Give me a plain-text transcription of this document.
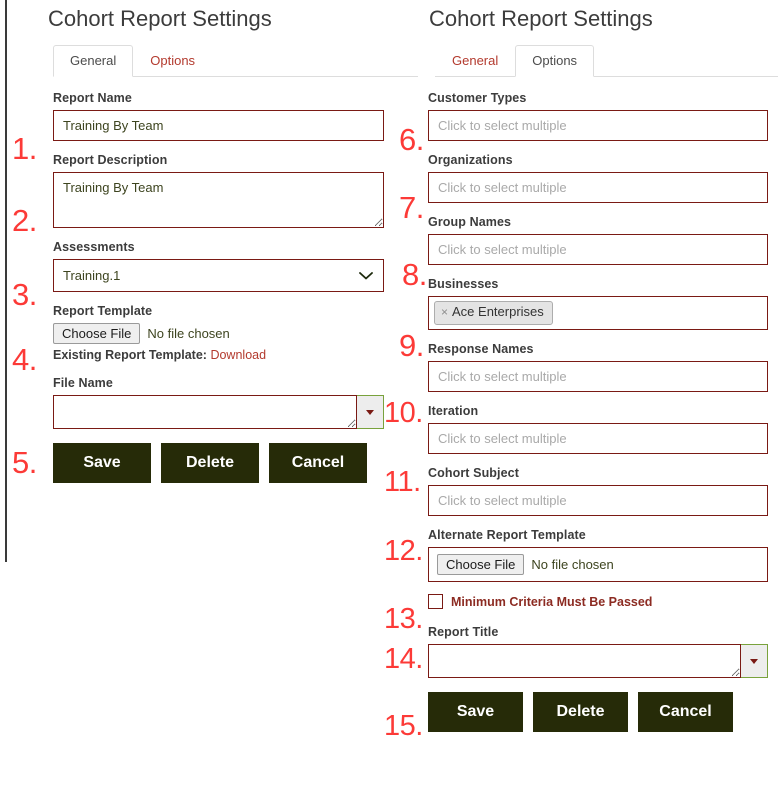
Cohort Report Settings
General	Options
Report Name
Training By Team
Report Description
Training By Team
Assessments
Training.1
Report Template
Choose File	No file chosen
Existing Report Template: Download
File Name
Save	Delete	Cancel
Cohort Report Settings
General	Options
Customer Types
Click to select multiple
Organizations
Click to select multiple
Group Names
Click to select multiple
Businesses
× Ace Enterprises
Response Names
Click to select multiple
Iteration
Click to select multiple
Cohort Subject
Click to select multiple
Alternate Report Template
Choose File	No file chosen
Minimum Criteria Must Be Passed
Report Title
Save	Delete	Cancel
1.
2.
3.
4.
5.
6.
7.
8.
9.
10.
11.
12.
13.
14.
15.
